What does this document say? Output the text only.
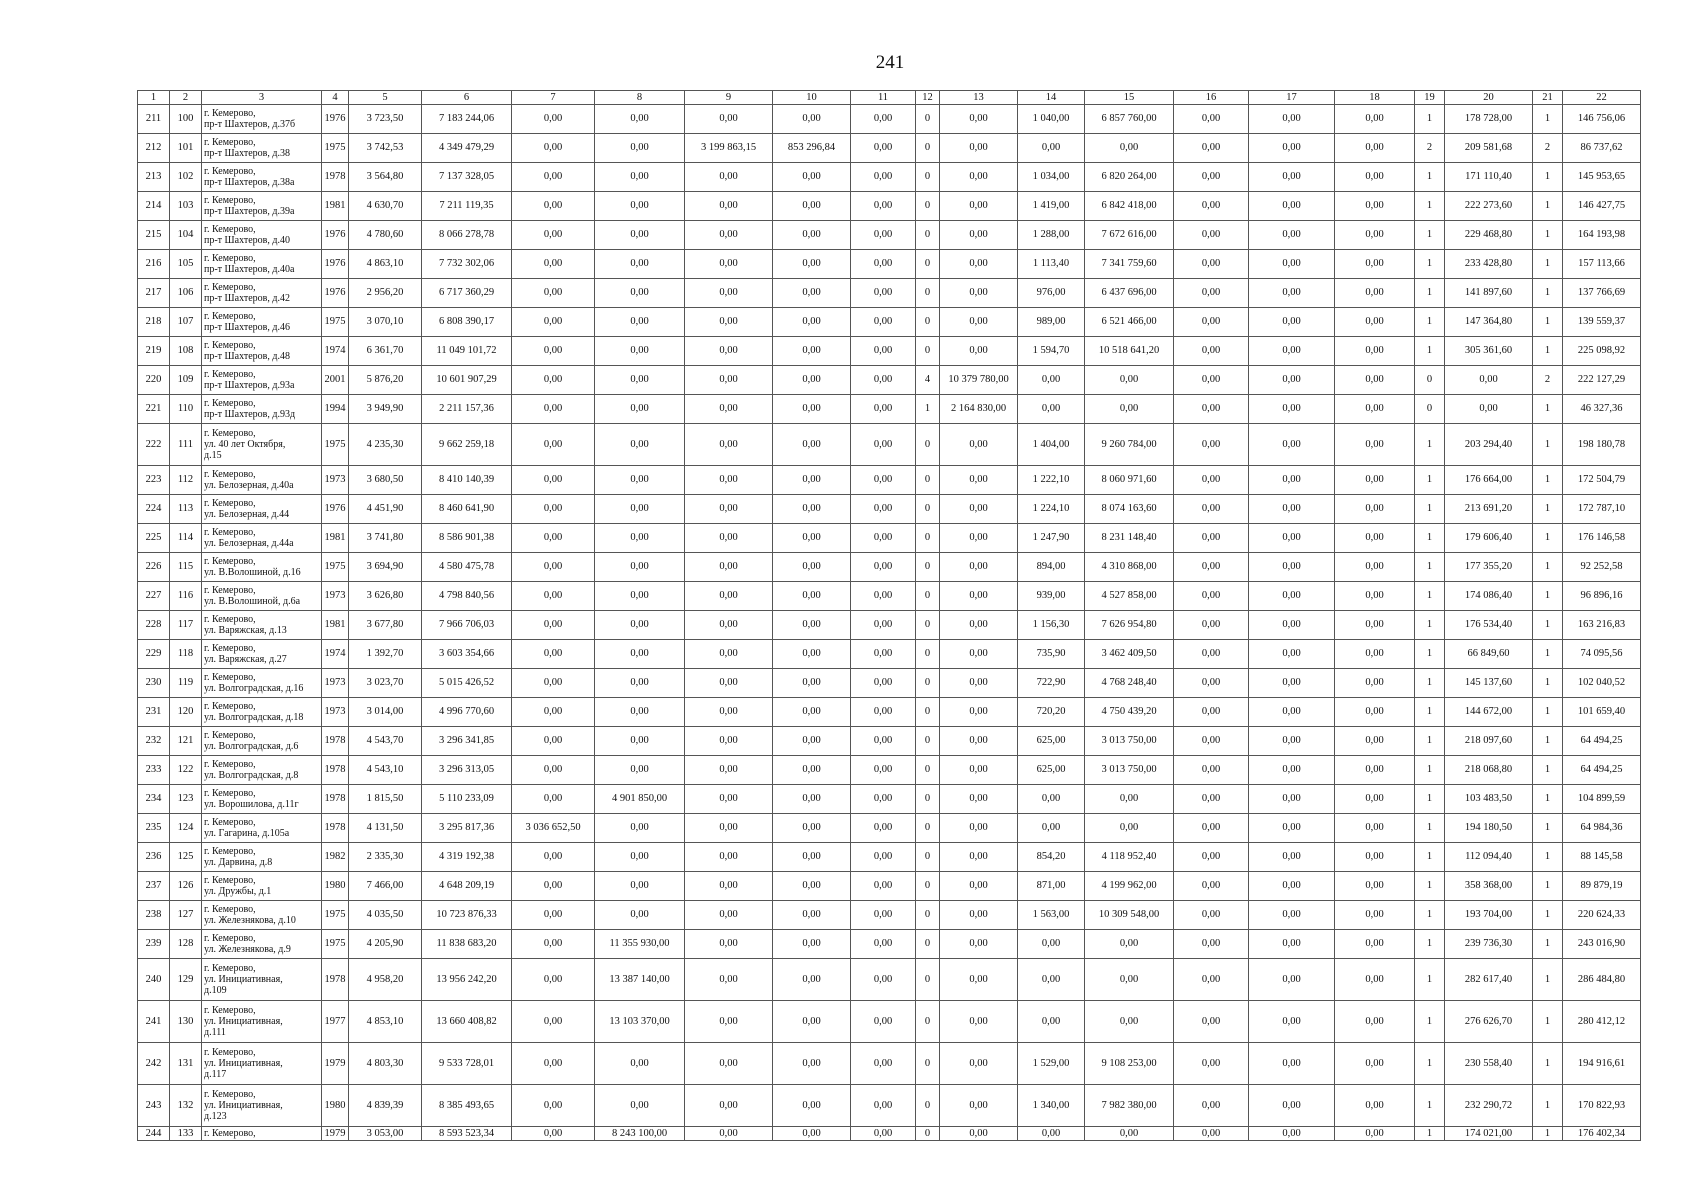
241
1	2	3	4	5	6	7	8	9	10	11	12	13	14	15	16	17	18	19	20	21	22
211	100	г. Кемерово,
пр-т Шахтеров, д.37б	1976	3 723,50	7 183 244,06	0,00	0,00	0,00	0,00	0,00	0	0,00	1 040,00	6 857 760,00	0,00	0,00	0,00	1	178 728,00	1	146 756,06
212	101	г. Кемерово,
пр-т Шахтеров, д.38	1975	3 742,53	4 349 479,29	0,00	0,00	3 199 863,15	853 296,84	0,00	0	0,00	0,00	0,00	0,00	0,00	0,00	2	209 581,68	2	86 737,62
213	102	г. Кемерово,
пр-т Шахтеров, д.38а	1978	3 564,80	7 137 328,05	0,00	0,00	0,00	0,00	0,00	0	0,00	1 034,00	6 820 264,00	0,00	0,00	0,00	1	171 110,40	1	145 953,65
214	103	г. Кемерово,
пр-т Шахтеров, д.39а	1981	4 630,70	7 211 119,35	0,00	0,00	0,00	0,00	0,00	0	0,00	1 419,00	6 842 418,00	0,00	0,00	0,00	1	222 273,60	1	146 427,75
215	104	г. Кемерово,
пр-т Шахтеров, д.40	1976	4 780,60	8 066 278,78	0,00	0,00	0,00	0,00	0,00	0	0,00	1 288,00	7 672 616,00	0,00	0,00	0,00	1	229 468,80	1	164 193,98
216	105	г. Кемерово,
пр-т Шахтеров, д.40а	1976	4 863,10	7 732 302,06	0,00	0,00	0,00	0,00	0,00	0	0,00	1 113,40	7 341 759,60	0,00	0,00	0,00	1	233 428,80	1	157 113,66
217	106	г. Кемерово,
пр-т Шахтеров, д.42	1976	2 956,20	6 717 360,29	0,00	0,00	0,00	0,00	0,00	0	0,00	976,00	6 437 696,00	0,00	0,00	0,00	1	141 897,60	1	137 766,69
218	107	г. Кемерово,
пр-т Шахтеров, д.46	1975	3 070,10	6 808 390,17	0,00	0,00	0,00	0,00	0,00	0	0,00	989,00	6 521 466,00	0,00	0,00	0,00	1	147 364,80	1	139 559,37
219	108	г. Кемерово,
пр-т Шахтеров, д.48	1974	6 361,70	11 049 101,72	0,00	0,00	0,00	0,00	0,00	0	0,00	1 594,70	10 518 641,20	0,00	0,00	0,00	1	305 361,60	1	225 098,92
220	109	г. Кемерово,
пр-т Шахтеров, д.93а	2001	5 876,20	10 601 907,29	0,00	0,00	0,00	0,00	0,00	4	10 379 780,00	0,00	0,00	0,00	0,00	0,00	0	0,00	2	222 127,29
221	110	г. Кемерово,
пр-т Шахтеров, д.93д	1994	3 949,90	2 211 157,36	0,00	0,00	0,00	0,00	0,00	1	2 164 830,00	0,00	0,00	0,00	0,00	0,00	0	0,00	1	46 327,36
222	111	г. Кемерово,
ул. 40 лет Октября,
д.15	1975	4 235,30	9 662 259,18	0,00	0,00	0,00	0,00	0,00	0	0,00	1 404,00	9 260 784,00	0,00	0,00	0,00	1	203 294,40	1	198 180,78
223	112	г. Кемерово,
ул. Белозерная, д.40а	1973	3 680,50	8 410 140,39	0,00	0,00	0,00	0,00	0,00	0	0,00	1 222,10	8 060 971,60	0,00	0,00	0,00	1	176 664,00	1	172 504,79
224	113	г. Кемерово,
ул. Белозерная, д.44	1976	4 451,90	8 460 641,90	0,00	0,00	0,00	0,00	0,00	0	0,00	1 224,10	8 074 163,60	0,00	0,00	0,00	1	213 691,20	1	172 787,10
225	114	г. Кемерово,
ул. Белозерная, д.44а	1981	3 741,80	8 586 901,38	0,00	0,00	0,00	0,00	0,00	0	0,00	1 247,90	8 231 148,40	0,00	0,00	0,00	1	179 606,40	1	176 146,58
226	115	г. Кемерово,
ул. В.Волошиной, д.16	1975	3 694,90	4 580 475,78	0,00	0,00	0,00	0,00	0,00	0	0,00	894,00	4 310 868,00	0,00	0,00	0,00	1	177 355,20	1	92 252,58
227	116	г. Кемерово,
ул. В.Волошиной, д.6а	1973	3 626,80	4 798 840,56	0,00	0,00	0,00	0,00	0,00	0	0,00	939,00	4 527 858,00	0,00	0,00	0,00	1	174 086,40	1	96 896,16
228	117	г. Кемерово,
ул. Варяжская, д.13	1981	3 677,80	7 966 706,03	0,00	0,00	0,00	0,00	0,00	0	0,00	1 156,30	7 626 954,80	0,00	0,00	0,00	1	176 534,40	1	163 216,83
229	118	г. Кемерово,
ул. Варяжская, д.27	1974	1 392,70	3 603 354,66	0,00	0,00	0,00	0,00	0,00	0	0,00	735,90	3 462 409,50	0,00	0,00	0,00	1	66 849,60	1	74 095,56
230	119	г. Кемерово,
ул. Волгоградская, д.16	1973	3 023,70	5 015 426,52	0,00	0,00	0,00	0,00	0,00	0	0,00	722,90	4 768 248,40	0,00	0,00	0,00	1	145 137,60	1	102 040,52
231	120	г. Кемерово,
ул. Волгоградская, д.18	1973	3 014,00	4 996 770,60	0,00	0,00	0,00	0,00	0,00	0	0,00	720,20	4 750 439,20	0,00	0,00	0,00	1	144 672,00	1	101 659,40
232	121	г. Кемерово,
ул. Волгоградская, д.6	1978	4 543,70	3 296 341,85	0,00	0,00	0,00	0,00	0,00	0	0,00	625,00	3 013 750,00	0,00	0,00	0,00	1	218 097,60	1	64 494,25
233	122	г. Кемерово,
ул. Волгоградская, д.8	1978	4 543,10	3 296 313,05	0,00	0,00	0,00	0,00	0,00	0	0,00	625,00	3 013 750,00	0,00	0,00	0,00	1	218 068,80	1	64 494,25
234	123	г. Кемерово,
ул. Ворошилова, д.11г	1978	1 815,50	5 110 233,09	0,00	4 901 850,00	0,00	0,00	0,00	0	0,00	0,00	0,00	0,00	0,00	0,00	1	103 483,50	1	104 899,59
235	124	г. Кемерово,
ул. Гагарина, д.105а	1978	4 131,50	3 295 817,36	3 036 652,50	0,00	0,00	0,00	0,00	0	0,00	0,00	0,00	0,00	0,00	0,00	1	194 180,50	1	64 984,36
236	125	г. Кемерово,
ул. Дарвина, д.8	1982	2 335,30	4 319 192,38	0,00	0,00	0,00	0,00	0,00	0	0,00	854,20	4 118 952,40	0,00	0,00	0,00	1	112 094,40	1	88 145,58
237	126	г. Кемерово,
ул. Дружбы, д.1	1980	7 466,00	4 648 209,19	0,00	0,00	0,00	0,00	0,00	0	0,00	871,00	4 199 962,00	0,00	0,00	0,00	1	358 368,00	1	89 879,19
238	127	г. Кемерово,
ул. Железнякова, д.10	1975	4 035,50	10 723 876,33	0,00	0,00	0,00	0,00	0,00	0	0,00	1 563,00	10 309 548,00	0,00	0,00	0,00	1	193 704,00	1	220 624,33
239	128	г. Кемерово,
ул. Железнякова, д.9	1975	4 205,90	11 838 683,20	0,00	11 355 930,00	0,00	0,00	0,00	0	0,00	0,00	0,00	0,00	0,00	0,00	1	239 736,30	1	243 016,90
240	129	г. Кемерово,
ул. Инициативная,
д.109	1978	4 958,20	13 956 242,20	0,00	13 387 140,00	0,00	0,00	0,00	0	0,00	0,00	0,00	0,00	0,00	0,00	1	282 617,40	1	286 484,80
241	130	г. Кемерово,
ул. Инициативная,
д.111	1977	4 853,10	13 660 408,82	0,00	13 103 370,00	0,00	0,00	0,00	0	0,00	0,00	0,00	0,00	0,00	0,00	1	276 626,70	1	280 412,12
242	131	г. Кемерово,
ул. Инициативная,
д.117	1979	4 803,30	9 533 728,01	0,00	0,00	0,00	0,00	0,00	0	0,00	1 529,00	9 108 253,00	0,00	0,00	0,00	1	230 558,40	1	194 916,61
243	132	г. Кемерово,
ул. Инициативная,
д.123	1980	4 839,39	8 385 493,65	0,00	0,00	0,00	0,00	0,00	0	0,00	1 340,00	7 982 380,00	0,00	0,00	0,00	1	232 290,72	1	170 822,93
244	133	г. Кемерово,	1979	3 053,00	8 593 523,34	0,00	8 243 100,00	0,00	0,00	0,00	0	0,00	0,00	0,00	0,00	0,00	0,00	1	174 021,00	1	176 402,34
